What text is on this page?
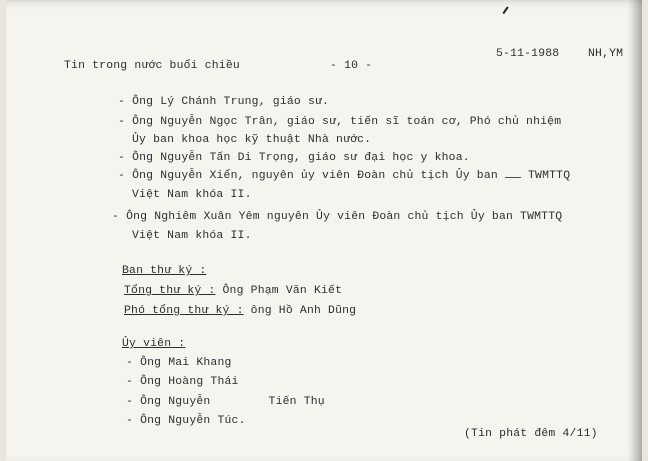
Tin trong nước buổi chiều	- 10 -
5-11-1988	NH,YM
- Ông Lý Chánh Trung, giáo sư.
- Ông Nguyễn Ngọc Trân, giáo sư, tiến sĩ toán cơ, Phó chủ nhiệm
Ủy ban khoa học kỹ thuật Nhà nước.
- Ông Nguyễn Tấn Di Trọng, giáo sư đại học y khoa.
- Ông Nguyễn Xiển, nguyên ủy viên Đoàn chủ tịch Ủy ban	TWMTTQ
Việt Nam khóa II.
- Ông Nghiêm Xuân Yêm nguyên Ủy viên Đoàn chủ tịch Ủy ban TWMTTQ
Việt Nam khóa II.
Ban thư ký :
Tổng thư ký : Ông Phạm Văn Kiết
Phó tổng thư ký : ông Hồ Anh Dũng
Ủy viên :
- Ông Mai Khang
- Ông Hoàng Thái
- Ông Nguyễn	Tiến Thụ
- Ông Nguyễn Túc.
(Tin phát đêm 4/11)
